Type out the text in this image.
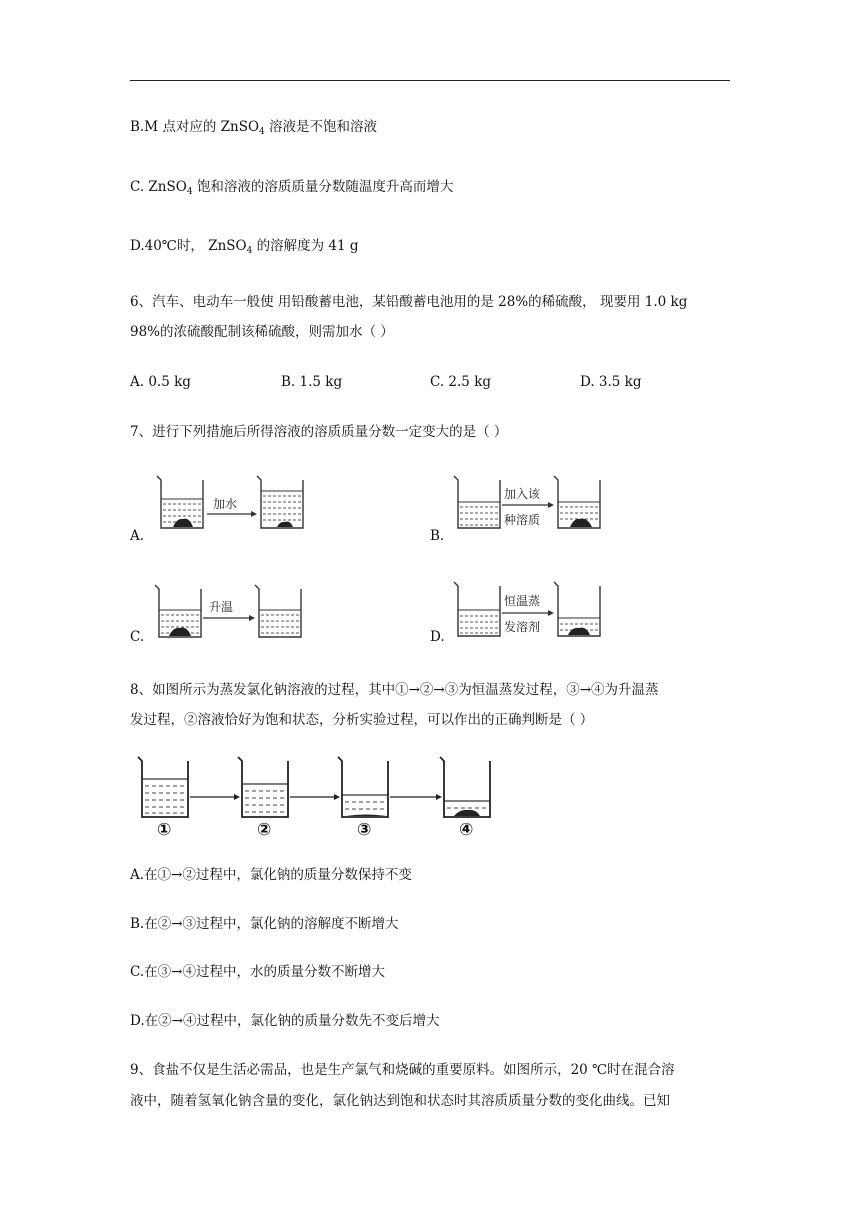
B.M 点对应的 ZnSO$_4$ 溶液是不饱和溶液
C. ZnSO$_4$ 饱和溶液的溶质质量分数随温度升高而增大
D.40℃时， ZnSO$_4$ 的溶解度为 41 g
6、汽车、电动车一般使 用铅酸蓄电池，某铅酸蓄电池用的是 28%的稀硫酸， 现要用 1.0 kg
98%的浓硫酸配制该稀硫酸，则需加水（ ）
A. 0.5 kg	B. 1.5 kg	C. 2.5 kg	D. 3.5 kg
7、进行下列措施后所得溶液的溶质质量分数一定变大的是（ ）
A.
加水
B.
加入该
种溶质
C.
升温
D.
恒温蒸
发溶剂
8、如图所示为蒸发氯化钠溶液的过程，其中①→②→③为恒温蒸发过程，③→④为升温蒸
发过程，②溶液恰好为饱和状态，分析实验过程，可以作出的正确判断是（ ）
①	②	③	④
A.在①→②过程中，氯化钠的质量分数保持不变
B.在②→③过程中，氯化钠的溶解度不断增大
C.在③→④过程中，水的质量分数不断增大
D.在②→④过程中，氯化钠的质量分数先不变后增大
9、食盐不仅是生活必需品，也是生产氯气和烧碱的重要原料。如图所示，20 ℃时在混合溶
液中，随着氢氧化钠含量的变化，氯化钠达到饱和状态时其溶质质量分数的变化曲线。已知
